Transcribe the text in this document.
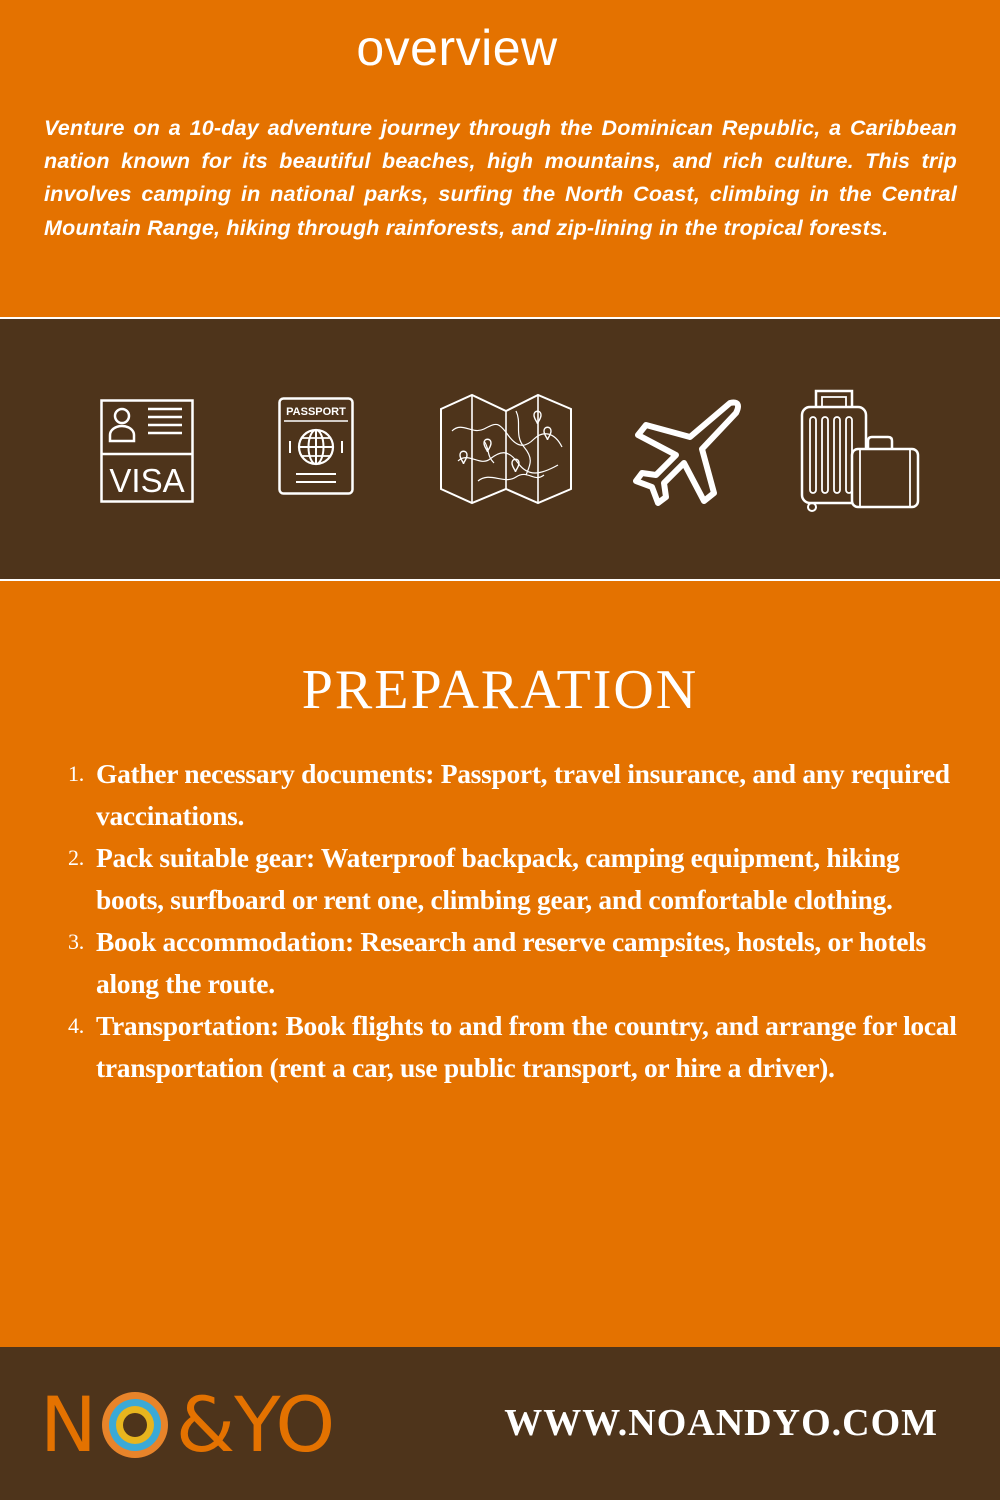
overview

Venture on a 10-day adventure journey through the Dominican Republic, a Caribbean nation known for its beautiful beaches, high mountains, and rich culture. This trip involves camping in national parks, surfing the North Coast, climbing in the Central Mountain Range, hiking through rainforests, and zip-lining in the tropical forests.

VISA
PASSPORT
PREPARATION
1. Gather necessary documents: Passport, travel insurance, and any required vaccinations.
2. Pack suitable gear: Waterproof backpack, camping equipment, hiking boots, surfboard or rent one, climbing gear, and comfortable clothing.
3. Book accommodation: Research and reserve campsites, hostels, or hotels along the route.
4. Transportation: Book flights to and from the country, and arrange for local transportation (rent a car, use public transport, or hire a driver).
N &YO	WWW.NOANDYO.COM
